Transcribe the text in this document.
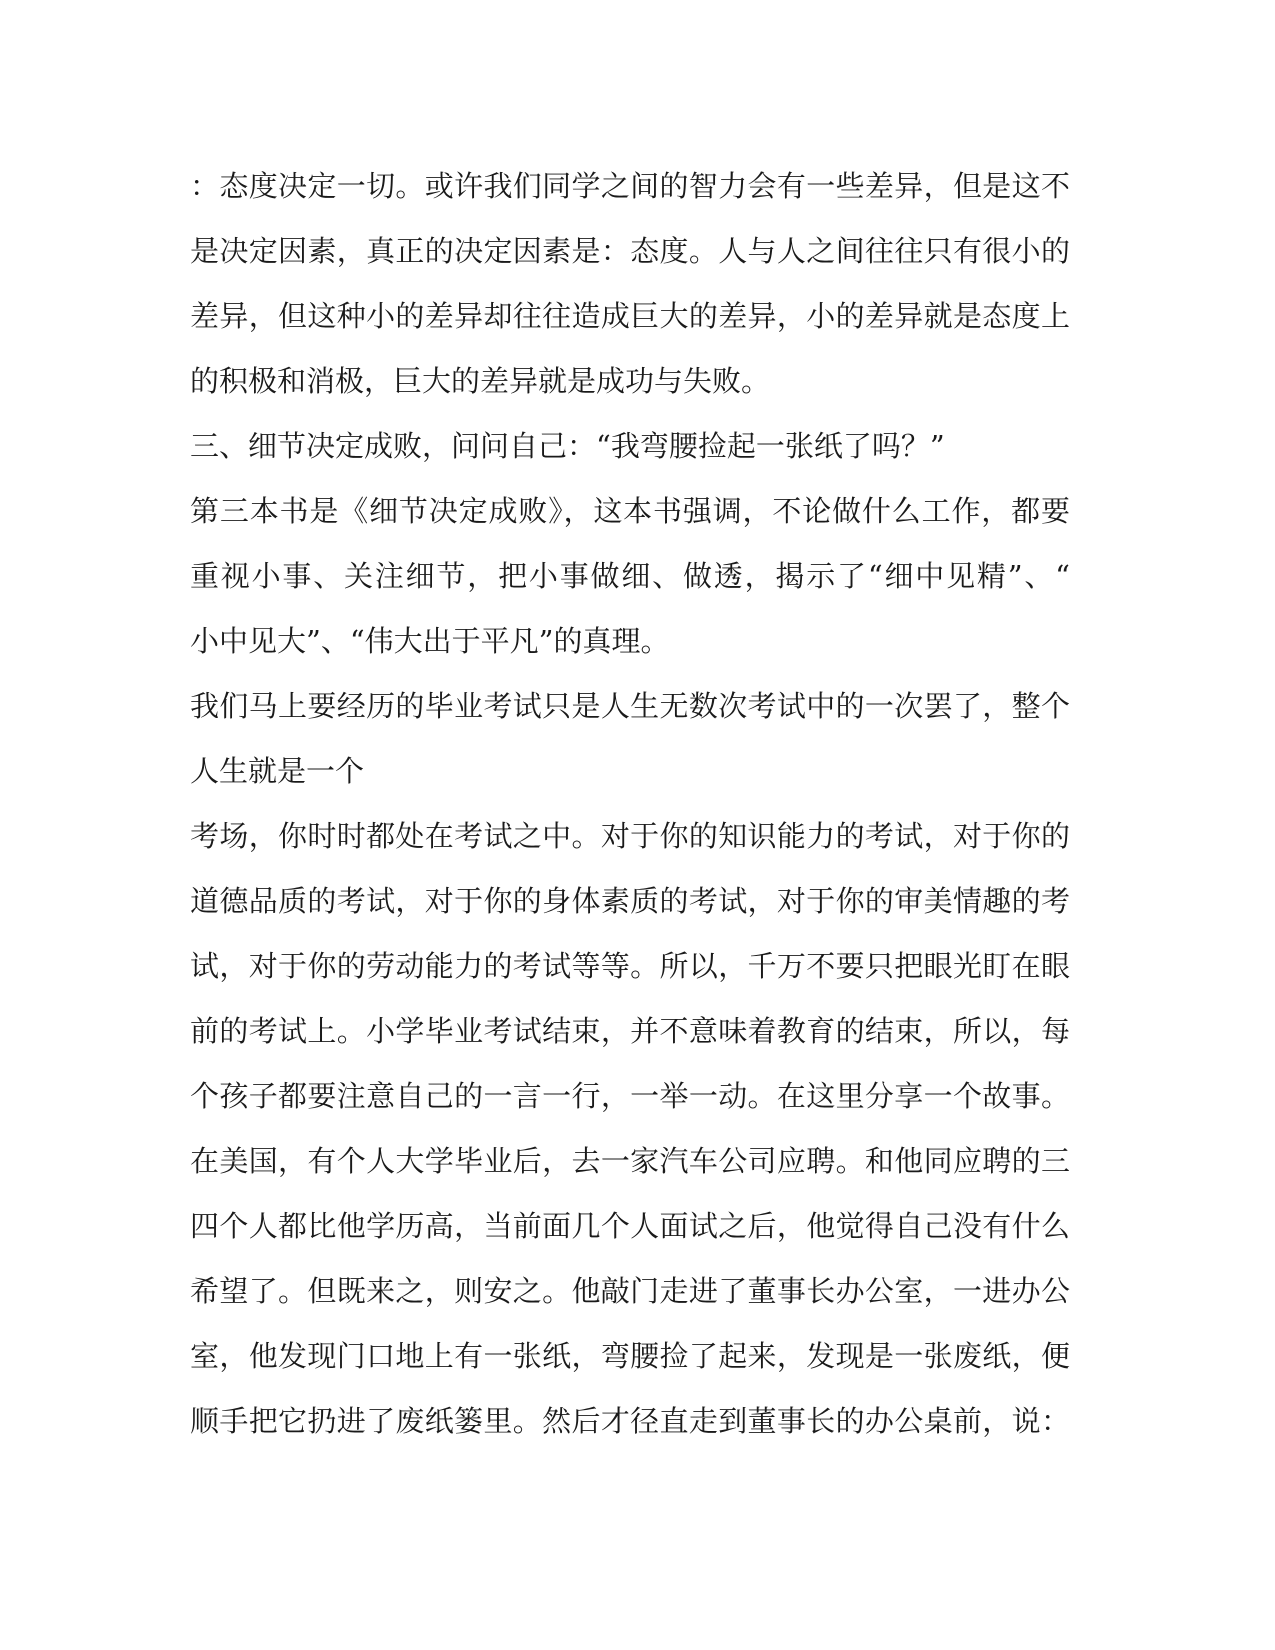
：态度决定一切。或许我们同学之间的智力会有一些差异，但是这不
是决定因素，真正的决定因素是：态度。人与人之间往往只有很小的
差异，但这种小的差异却往往造成巨大的差异，小的差异就是态度上
的积极和消极，巨大的差异就是成功与失败。
三、细节决定成败，问问自己：“我弯腰捡起一张纸了吗？”
第三本书是《细节决定成败》，这本书强调，不论做什么工作，都要
重视小事、关注细节，把小事做细、做透，揭示了“细中见精”、“
小中见大”、“伟大出于平凡”的真理。
我们马上要经历的毕业考试只是人生无数次考试中的一次罢了，整个
人生就是一个
考场，你时时都处在考试之中。对于你的知识能力的考试，对于你的
道德品质的考试，对于你的身体素质的考试，对于你的审美情趣的考
试，对于你的劳动能力的考试等等。所以，千万不要只把眼光盯在眼
前的考试上。小学毕业考试结束，并不意味着教育的结束，所以，每
个孩子都要注意自己的一言一行，一举一动。在这里分享一个故事。
在美国，有个人大学毕业后，去一家汽车公司应聘。和他同应聘的三
四个人都比他学历高，当前面几个人面试之后，他觉得自己没有什么
希望了。但既来之，则安之。他敲门走进了董事长办公室，一进办公
室，他发现门口地上有一张纸，弯腰捡了起来，发现是一张废纸，便
顺手把它扔进了废纸篓里。然后才径直走到董事长的办公桌前，说：
